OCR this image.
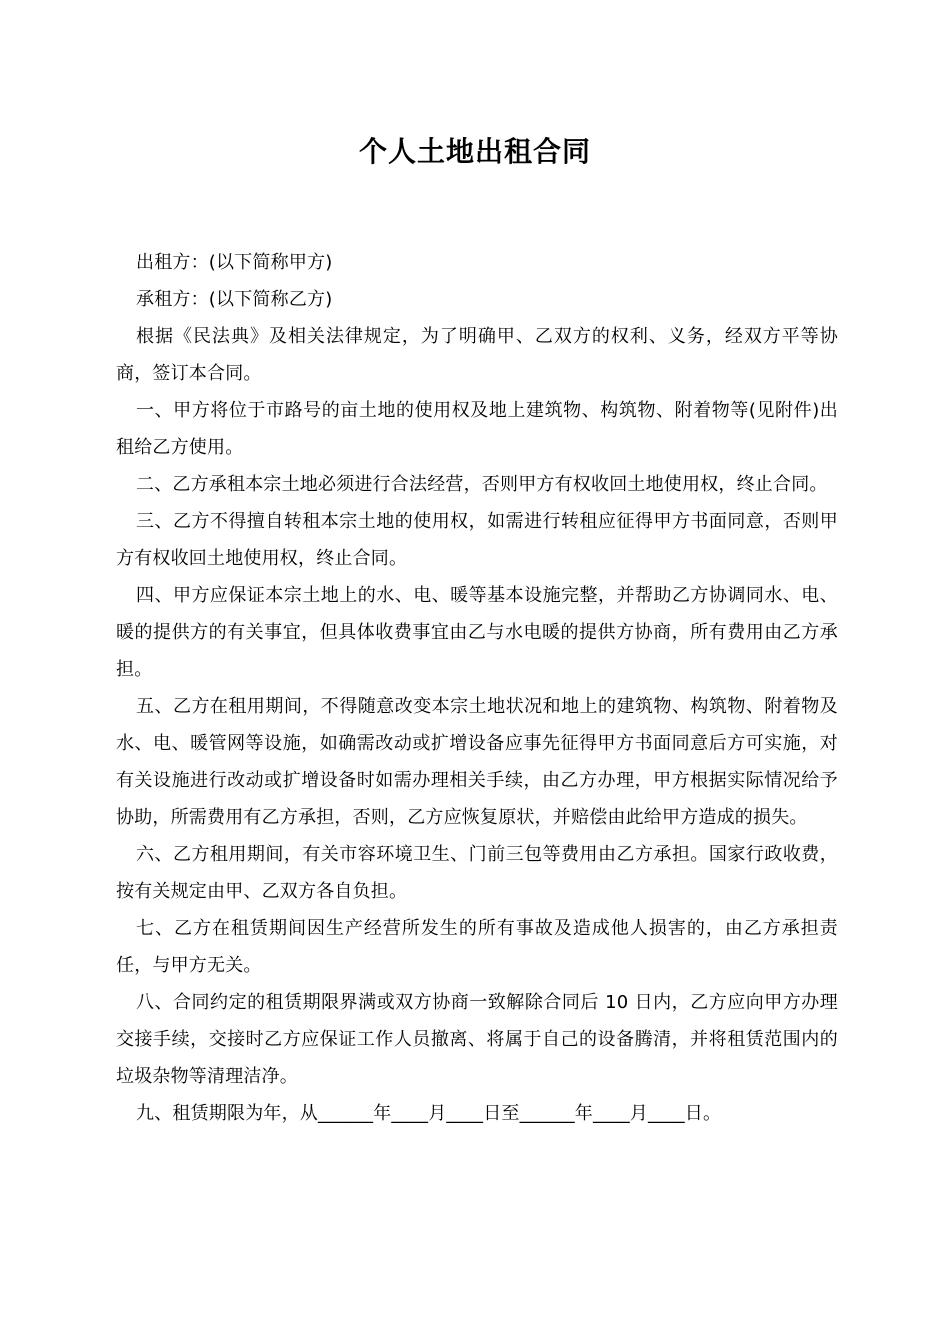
个人土地出租合同

出租方：(以下简称甲方)

承租方：(以下简称乙方)

根据《民法典》及相关法律规定，为了明确甲、乙双方的权利、义务，经双方平等协商，签订本合同。

一、甲方将位于市路号的亩土地的使用权及地上建筑物、构筑物、附着物等(见附件)出租给乙方使用。

二、乙方承租本宗土地必须进行合法经营，否则甲方有权收回土地使用权，终止合同。

三、乙方不得擅自转租本宗土地的使用权，如需进行转租应征得甲方书面同意，否则甲方有权收回土地使用权，终止合同。

四、甲方应保证本宗土地上的水、电、暖等基本设施完整，并帮助乙方协调同水、电、暖的提供方的有关事宜，但具体收费事宜由乙与水电暖的提供方协商，所有费用由乙方承担。

五、乙方在租用期间，不得随意改变本宗土地状况和地上的建筑物、构筑物、附着物及水、电、暖管网等设施，如确需改动或扩增设备应事先征得甲方书面同意后方可实施，对有关设施进行改动或扩增设备时如需办理相关手续，由乙方办理，甲方根据实际情况给予协助，所需费用有乙方承担，否则，乙方应恢复原状，并赔偿由此给甲方造成的损失。

六、乙方租用期间，有关市容环境卫生、门前三包等费用由乙方承担。国家行政收费，按有关规定由甲、乙双方各自负担。

七、乙方在租赁期间因生产经营所发生的所有事故及造成他人损害的，由乙方承担责任，与甲方无关。

八、合同约定的租赁期限界满或双方协商一致解除合同后 10 日内，乙方应向甲方办理交接手续，交接时乙方应保证工作人员撤离、将属于自己的设备腾清，并将租赁范围内的垃圾杂物等清理洁净。

九、租赁期限为年，从______年____月____日至______年____月____日。
